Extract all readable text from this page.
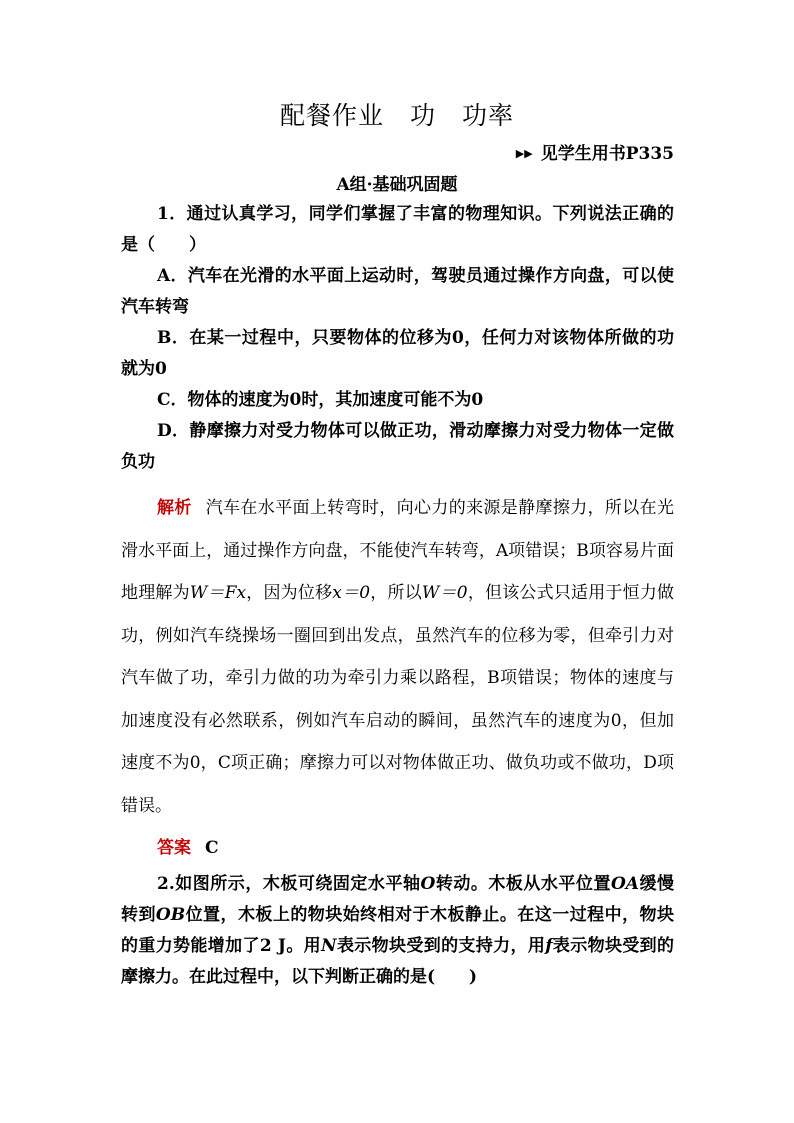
配餐作业　功　功率
▶▶ 见学生用书P335
A组·基础巩固题

1．通过认真学习，同学们掌握了丰富的物理知识。下列说法正确的是（　　）

A．汽车在光滑的水平面上运动时，驾驶员通过操作方向盘，可以使汽车转弯

B．在某一过程中，只要物体的位移为0，任何力对该物体所做的功就为0

C．物体的速度为0时，其加速度可能不为0

D．静摩擦力对受力物体可以做正功，滑动摩擦力对受力物体一定做负功

解析 汽车在水平面上转弯时，向心力的来源是静摩擦力，所以在光滑水平面上，通过操作方向盘，不能使汽车转弯，A项错误；B项容易片面地理解为W＝Fx，因为位移x＝0，所以W＝0，但该公式只适用于恒力做功，例如汽车绕操场一圈回到出发点，虽然汽车的位移为零，但牵引力对汽车做了功，牵引力做的功为牵引力乘以路程，B项错误；物体的速度与加速度没有必然联系，例如汽车启动的瞬间，虽然汽车的速度为0，但加速度不为0，C项正确；摩擦力可以对物体做正功、做负功或不做功，D项错误。
答案 C

2.如图所示，木板可绕固定水平轴O转动。木板从水平位置OA缓慢转到OB位置，木板上的物块始终相对于木板静止。在这一过程中，物块的重力势能增加了2 J。用N表示物块受到的支持力，用f表示物块受到的摩擦力。在此过程中，以下判断正确的是(　　)
